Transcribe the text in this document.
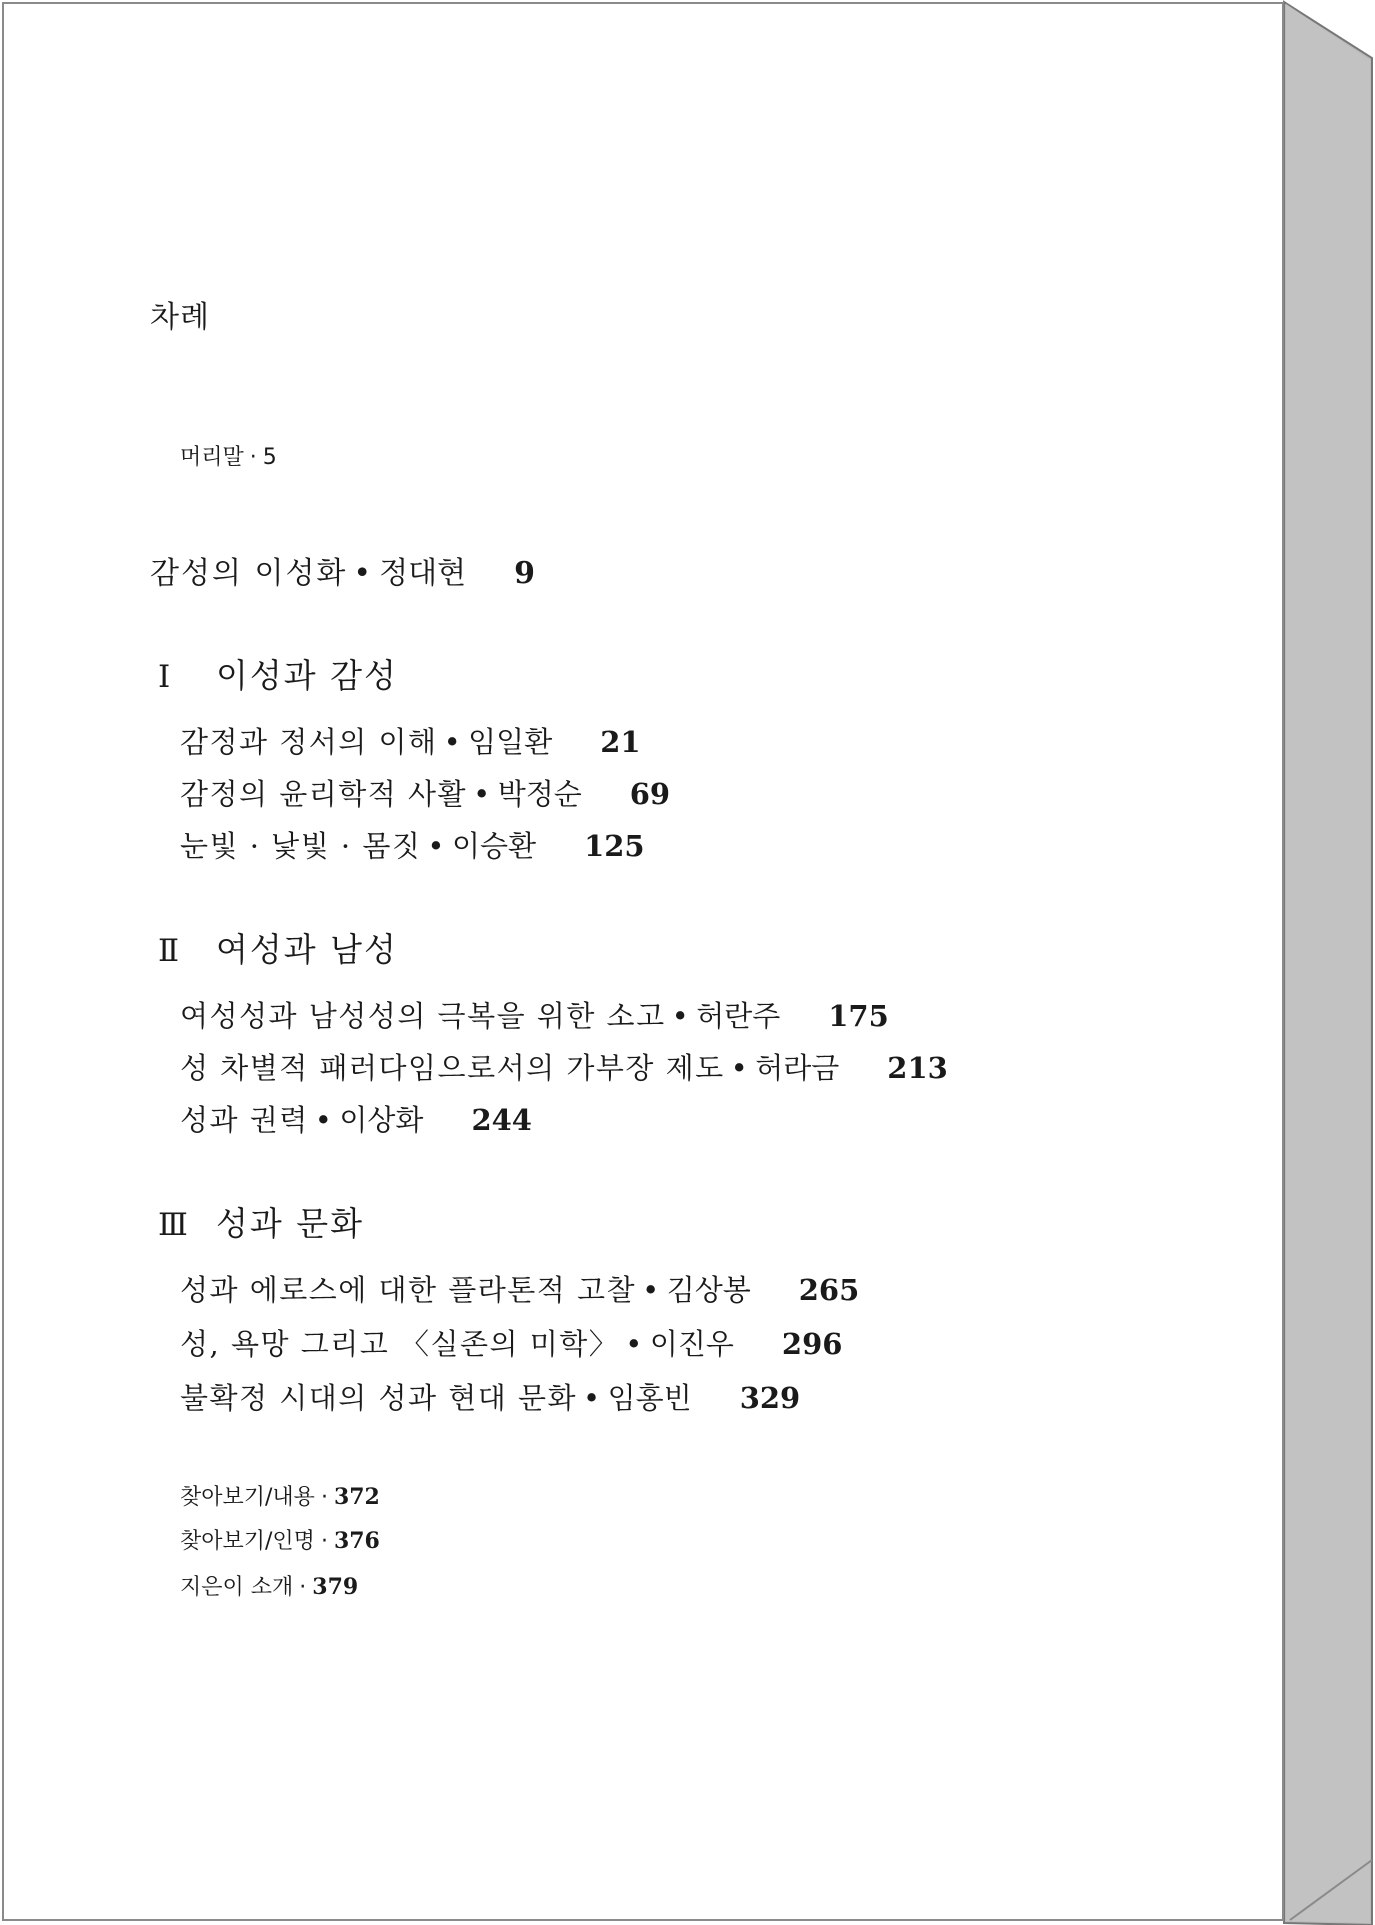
차례
머리말 · 5
감성의 이성화 • 정대현 9
Ⅰ 이성과 감성
감정과 정서의 이해 • 임일환 21
감정의 윤리학적 사활 • 박정순 69
눈빛 · 낯빛 · 몸짓 • 이승환 125
Ⅱ 여성과 남성
여성성과 남성성의 극복을 위한 소고 • 허란주 175
성 차별적 패러다임으로서의 가부장 제도 • 허라금 213
성과 권력 • 이상화 244
Ⅲ 성과 문화
성과 에로스에 대한 플라톤적 고찰 • 김상봉 265
성, 욕망 그리고 〈실존의 미학〉 • 이진우 296
불확정 시대의 성과 현대 문화 • 임홍빈 329
찾아보기/내용 · 372
찾아보기/인명 · 376
지은이 소개 · 379
